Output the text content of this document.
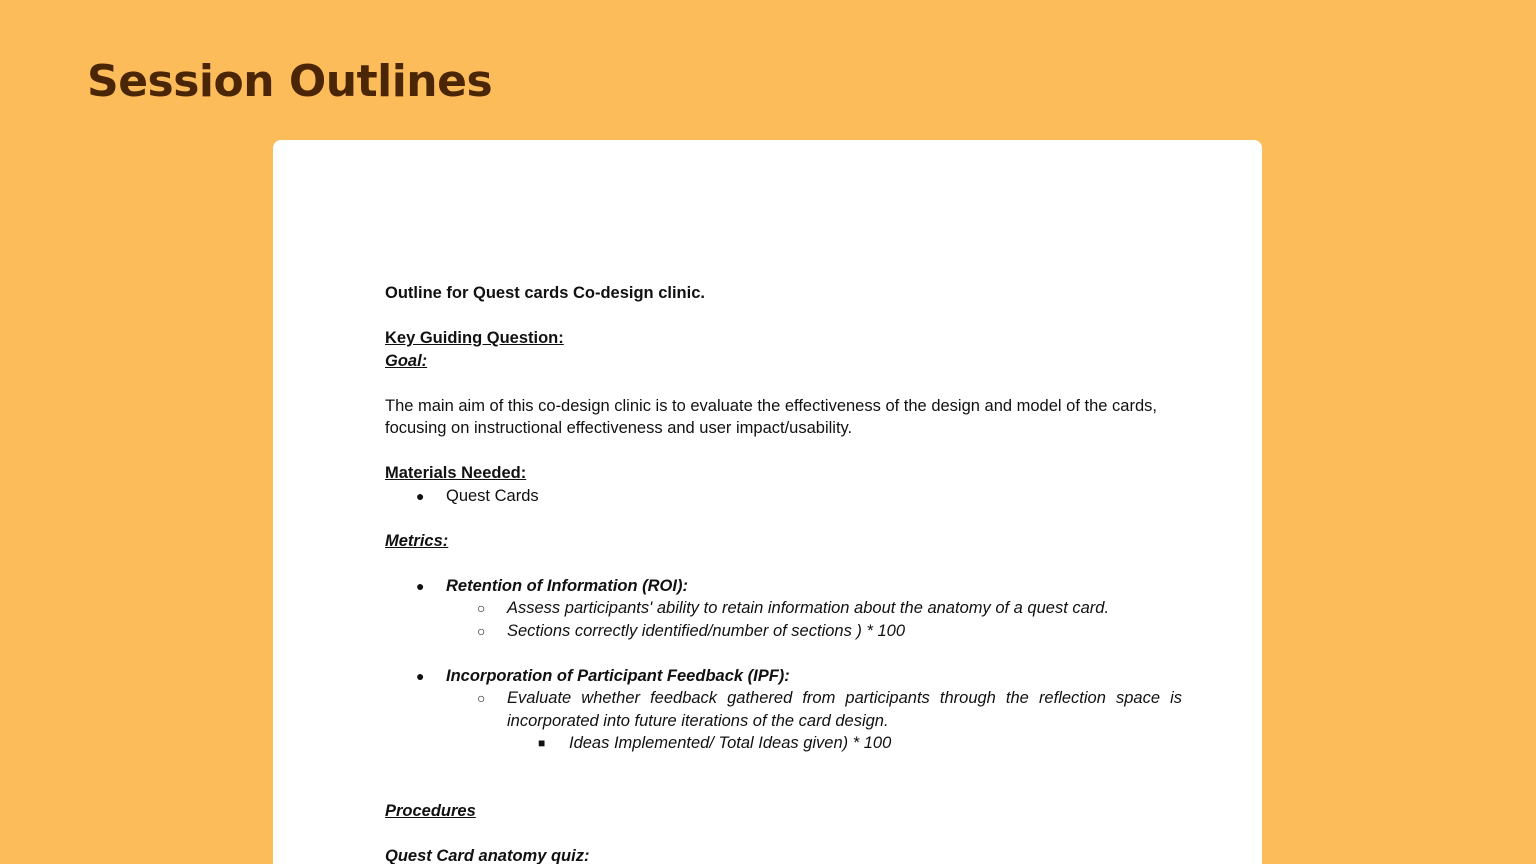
Session Outlines
Outline for Quest cards Co-design clinic.
Key Guiding Question:
Goal:
The main aim of this co-design clinic is to evaluate the effectiveness of the design and model of the cards,
focusing on instructional effectiveness and user impact/usability.
Materials Needed:
● Quest Cards
Metrics:
● Retention of Information (ROI):
○ Assess participants' ability to retain information about the anatomy of a quest card.
○ Sections correctly identified/number of sections ) * 100
● Incorporation of Participant Feedback (IPF):
○ Evaluate whether feedback gathered from participants through the reflection space is incorporated into future iterations of the card design.
■ Ideas Implemented/ Total Ideas given) * 100
Procedures
Quest Card anatomy quiz:
